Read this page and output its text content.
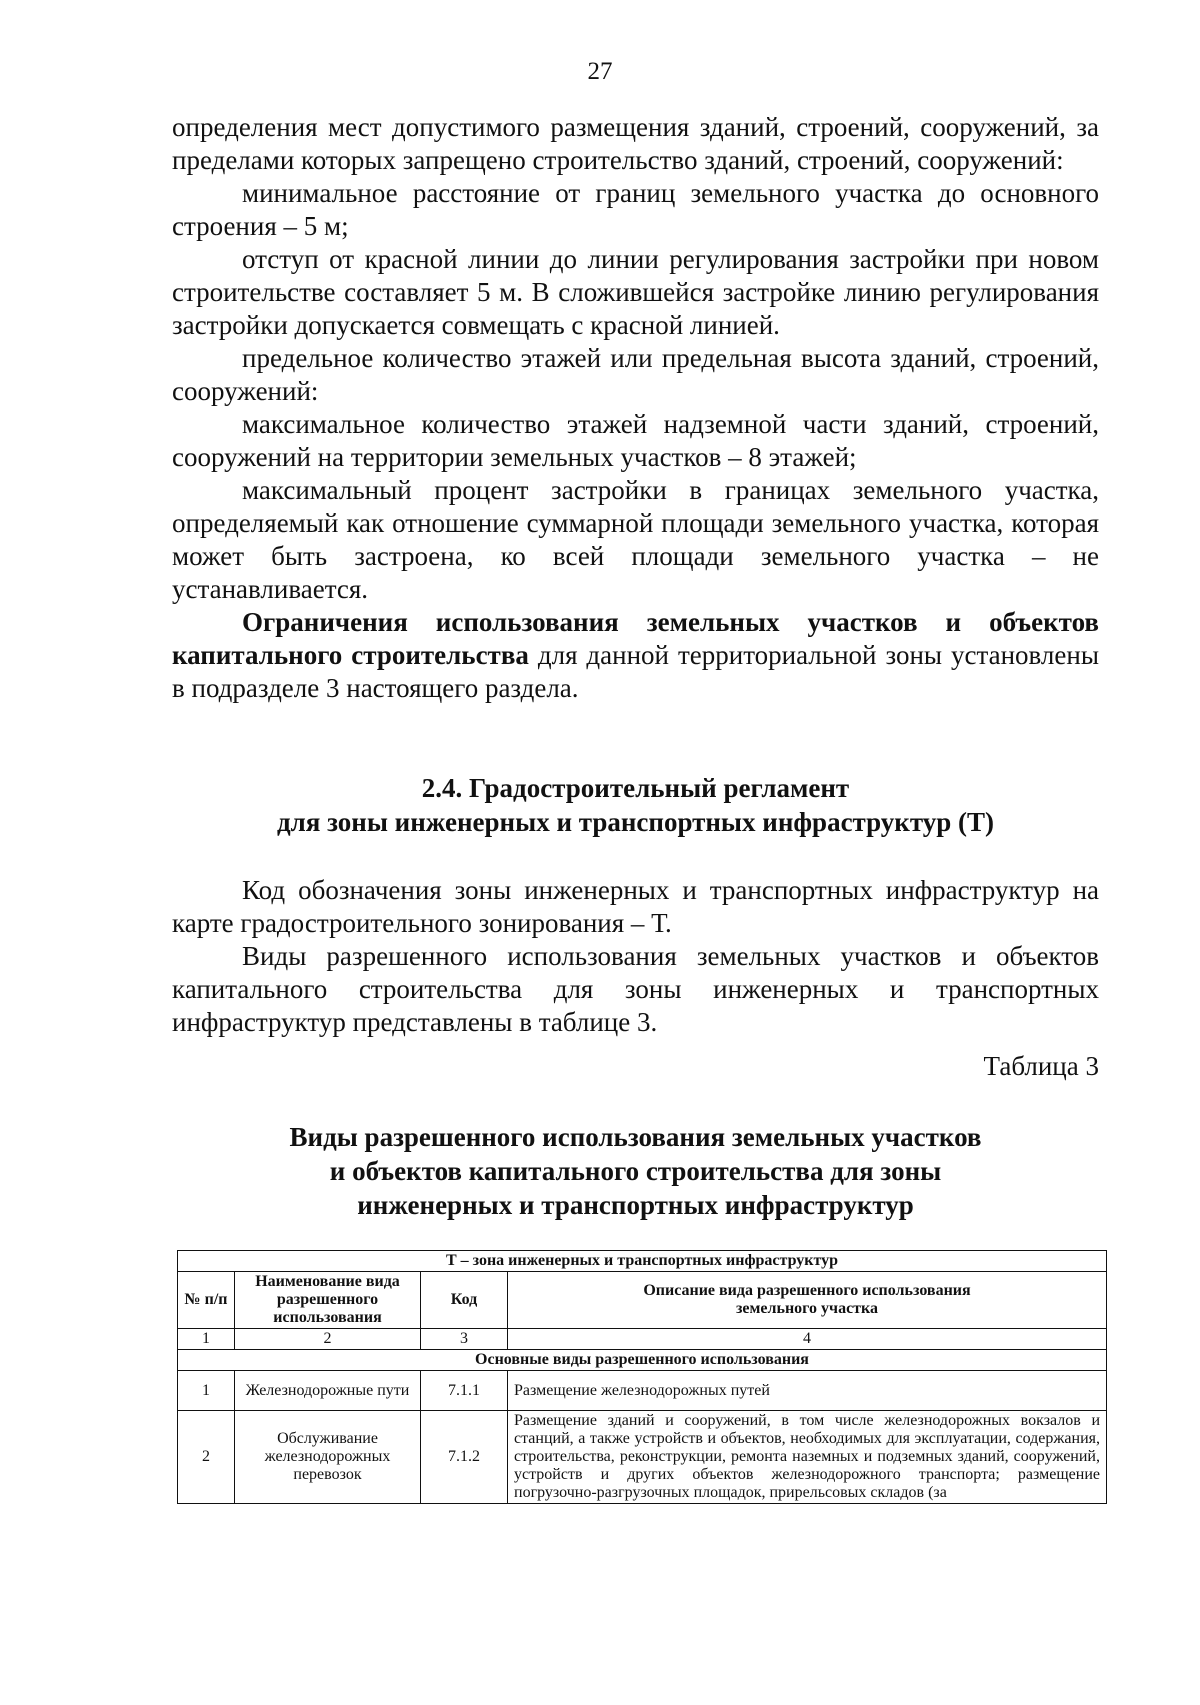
27

определения мест допустимого размещения зданий, строений, сооружений, за пределами которых запрещено строительство зданий, строений, сооружений:

минимальное расстояние от границ земельного участка до основного строения – 5 м;

отступ от красной линии до линии регулирования застройки при новом строительстве составляет 5 м. В сложившейся застройке линию регулирования застройки допускается совмещать с красной линией.

предельное количество этажей или предельная высота зданий, строений, сооружений:

максимальное количество этажей надземной части зданий, строений, сооружений на территории земельных участков – 8 этажей;

максимальный процент застройки в границах земельного участка, определяемый как отношение суммарной площади земельного участка, которая может быть застроена, ко всей площади земельного участка – не устанавливается.

Ограничения использования земельных участков и объектов капитального строительства для данной территориальной зоны установлены в подразделе 3 настоящего раздела.

2.4. Градостроительный регламент
для зоны инженерных и транспортных инфраструктур (Т)

Код обозначения зоны инженерных и транспортных инфраструктур на карте градостроительного зонирования – Т.

Виды разрешенного использования земельных участков и объектов капитального строительства для зоны инженерных и транспортных инфраструктур представлены в таблице 3.

Таблица 3
Виды разрешенного использования земельных участков
и объектов капитального строительства для зоны
инженерных и транспортных инфраструктур
Т – зона инженерных и транспортных инфраструктур			
№ п/п	Наименование вида разрешенного использования	Код	Описание вида разрешенного использования земельного участка
1	2	3	4
Основные виды разрешенного использования			
1	Железнодорожные пути	7.1.1	Размещение железнодорожных путей
2	Обслуживание железнодорожных перевозок	7.1.2	Размещение зданий и сооружений, в том числе железнодорожных вокзалов и станций, а также устройств и объектов, необходимых для эксплуатации, содержания, строительства, реконструкции, ремонта наземных и подземных зданий, сооружений, устройств и других объектов железнодорожного транспорта; размещение погрузочно-разгрузочных площадок, прирельсовых складов (за
